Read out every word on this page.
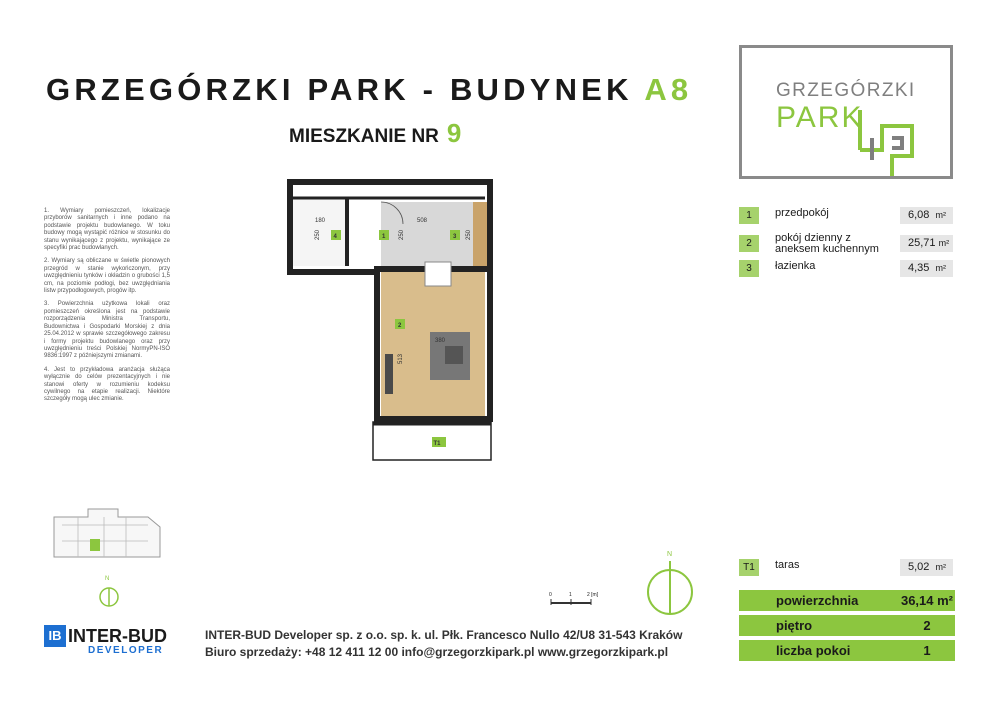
GRZEGÓRZKI PARK - BUDYNEK A8
MIESZKANIE NR 9
GRZEGÓRZKI
PARK

1. Wymiary pomieszczeń, lokalizacje przyborów sanitarnych i inne podano na podstawie projektu budowlanego. W toku budowy mogą wystąpić różnice w stosunku do stanu wynikającego z projektu, wynikające ze specyfiki prac budowlanych.

2. Wymiary są obliczane w świetle pionowych przegród w stanie wykończonym, przy uwzględnieniu tynków i okładzin o grubości 1,5 cm, na poziomie podłogi, bez uwzględniania listw przypodłogowych, progów itp.

3. Powierzchnia użytkowa lokali oraz pomieszczeń określona jest na podstawie rozporządzenia Ministra Transportu, Budownictwa i Gospodarki Morskiej z dnia 25.04.2012 w sprawie szczegółowego zakresu i formy projektu budowlanego oraz przy uwzględnieniu treści Polskiej NormyPN-ISO 9836:1997 z późniejszymi zmianami.

4. Jest to przykładowa aranżacja służąca wyłącznie do celów prezentacyjnych i nie stanowi oferty w rozumieniu kodeksu cywilnego na etapie realizacji. Niektóre szczegóły mogą ulec zmianie.

4	1	3
2
T1
180
250	250
508
250
380
513
N
0	1	2 [m]
N
1	przedpokój	6,08 m²
2	pokój dzienny z aneksem kuchennym	25,71 m²
3	łazienka	4,35 m²
T1	taras	5,02 m²
powierzchnia	36,14 m²
piętro	2
liczba pokoi	1
IB INTER-BUD
DEVELOPER
INTER-BUD Developer sp. z o.o. sp. k. ul. Płk. Francesco Nullo 42/U8 31-543 Kraków
Biuro sprzedaży: +48 12 411 12 00 info@grzegorzkipark.pl www.grzegorzkipark.pl
